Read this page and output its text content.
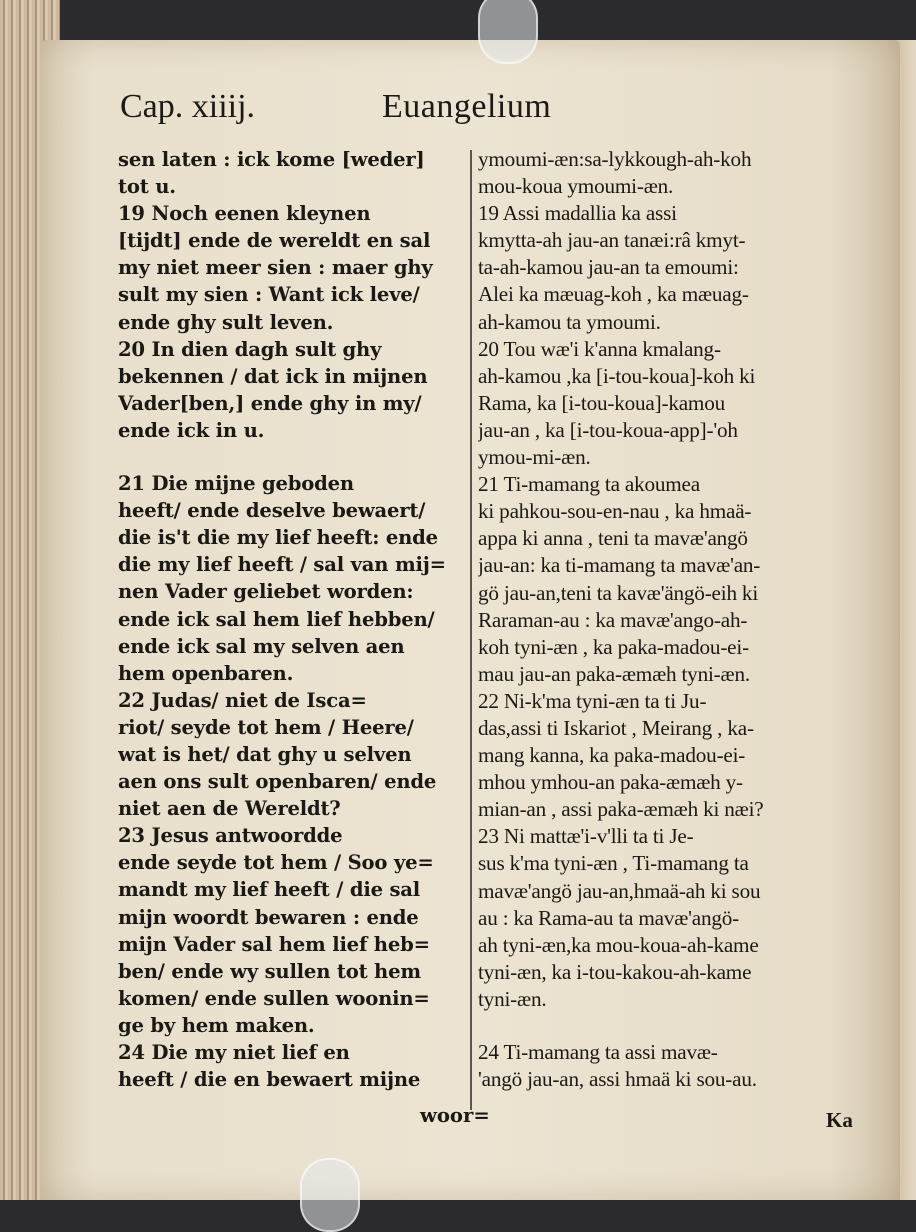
Cap. xiiij.	Euangelium
sen laten : ick kome [weder]
tot u.
19 Noch eenen kleynen
[tijdt] ende de wereldt en sal
my niet meer sien : maer ghy
sult my sien : Want ick leve/
ende ghy sult leven.
20 In dien dagh sult ghy
bekennen / dat ick in mijnen
Vader[ben,] ende ghy in my/
ende ick in u.
21 Die mijne geboden
heeft/ ende deselve bewaert/
die is't die my lief heeft: ende
die my lief heeft / sal van mij=
nen Vader geliebet worden:
ende ick sal hem lief hebben/
ende ick sal my selven aen
hem openbaren.
22 Judas/ niet de Isca=
riot/ seyde tot hem / Heere/
wat is het/ dat ghy u selven
aen ons sult openbaren/ ende
niet aen de Wereldt?
23 Jesus antwoordde
ende seyde tot hem / Soo ye=
mandt my lief heeft / die sal
mijn woordt bewaren : ende
mijn Vader sal hem lief heb=
ben/ ende wy sullen tot hem
komen/ ende sullen woonin=
ge by hem maken.
24 Die my niet lief en
heeft / die en bewaert mijne
ymoumi-æn:sa-lykkough-ah-koh
mou-koua ymoumi-æn.
19 Assi madallia ka assi
kmytta-ah jau-an tanæi:râ kmyt-
ta-ah-kamou jau-an ta emoumi:
Alei ka mæuag-koh , ka mæuag-
ah-kamou ta ymoumi.
20 Tou wæ'i k'anna kmalang-
ah-kamou ,ka [i-tou-koua]-koh ki
Rama, ka [i-tou-koua]-kamou
jau-an , ka [i-tou-koua-app]-'oh
ymou-mi-æn.
21 Ti-mamang ta akoumea
ki pahkou-sou-en-nau , ka hmaä-
appa ki anna , teni ta mavæ'angö
jau-an: ka ti-mamang ta mavæ'an-
gö jau-an,teni ta kavæ'ängö-eih ki
Raraman-au : ka mavæ'ango-ah-
koh tyni-æn , ka paka-madou-ei-
mau jau-an paka-æmæh tyni-æn.
22 Ni-k'ma tyni-æn ta ti Ju-
das,assi ti Iskariot , Meirang , ka-
mang kanna, ka paka-madou-ei-
mhou ymhou-an paka-æmæh y-
mian-an , assi paka-æmæh ki næi?
23 Ni mattæ'i-v'lli ta ti Je-
sus k'ma tyni-æn , Ti-mamang ta
mavæ'angö jau-an,hmaä-ah ki sou
au : ka Rama-au ta mavæ'angö-
ah tyni-æn,ka mou-koua-ah-kame
tyni-æn, ka i-tou-kakou-ah-kame
tyni-æn.
24 Ti-mamang ta assi mavæ-
'angö jau-an, assi hmaä ki sou-au.
woor=	Ka
